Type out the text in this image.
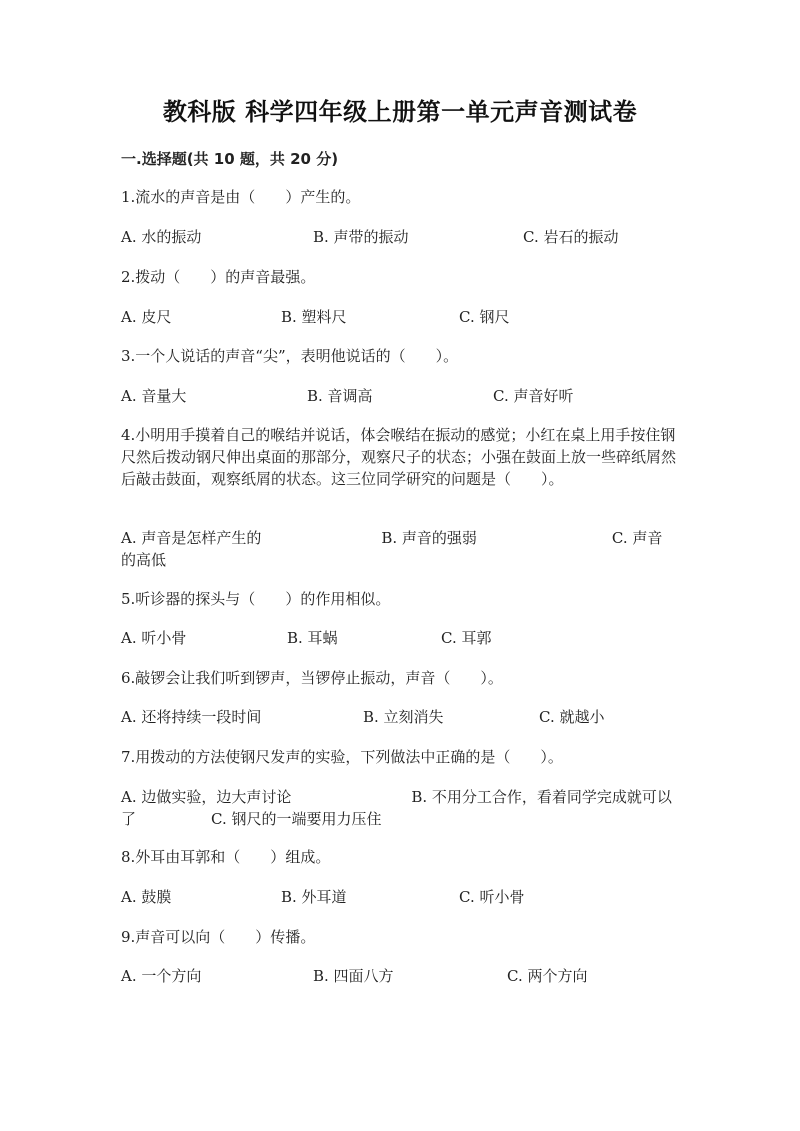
教科版 科学四年级上册第一单元声音测试卷
一.选择题(共 10 题，共 20 分)
1.流水的声音是由（　　）产生的。
A. 水的振动	B. 声带的振动	C. 岩石的振动
2.拨动（　　）的声音最强。
A. 皮尺	B. 塑料尺	C. 钢尺
3.一个人说话的声音“尖”，表明他说话的（　　）。
A. 音量大	B. 音调高	C. 声音好听
4.小明用手摸着自己的喉结并说话，体会喉结在振动的感觉；小红在桌上用手按住钢尺然后拨动钢尺伸出桌面的那部分，观察尺子的状态；小强在鼓面上放一些碎纸屑然后敲击鼓面，观察纸屑的状态。这三位同学研究的问题是（　　）。
A. 声音是怎样产生的　　　　　　　　B. 声音的强弱　　　　　　　　　C. 声音的高低
5.听诊器的探头与（　　）的作用相似。
A. 听小骨	B. 耳蜗	C. 耳郭
6.敲锣会让我们听到锣声，当锣停止振动，声音（　　）。
A. 还将持续一段时间	B. 立刻消失	C. 就越小
7.用拨动的方法使钢尺发声的实验，下列做法中正确的是（　　）。
A. 边做实验，边大声讨论　　　　　　　　B. 不用分工合作，看着同学完成就可以了　　　　　C. 钢尺的一端要用力压住
8.外耳由耳郭和（　　）组成。
A. 鼓膜	B. 外耳道	C. 听小骨
9.声音可以向（　　）传播。
A. 一个方向	B. 四面八方	C. 两个方向
